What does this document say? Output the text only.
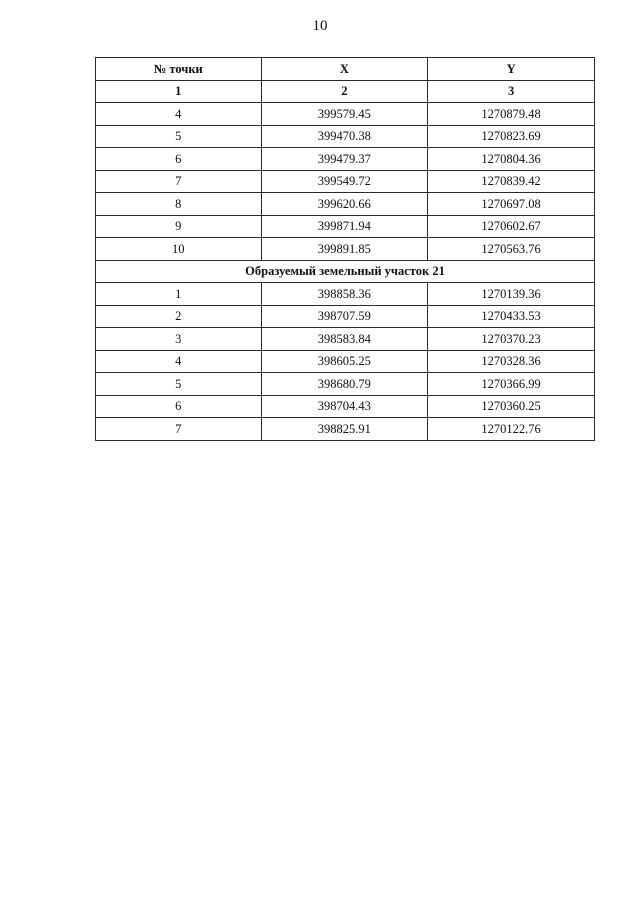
10
№ точки	X	Y
1	2	3
4	399579.45	1270879.48
5	399470.38	1270823.69
6	399479.37	1270804.36
7	399549.72	1270839.42
8	399620.66	1270697.08
9	399871.94	1270602.67
10	399891.85	1270563.76
Образуемый земельный участок 21		
1	398858.36	1270139.36
2	398707.59	1270433.53
3	398583.84	1270370.23
4	398605.25	1270328.36
5	398680.79	1270366.99
6	398704.43	1270360.25
7	398825.91	1270122.76
